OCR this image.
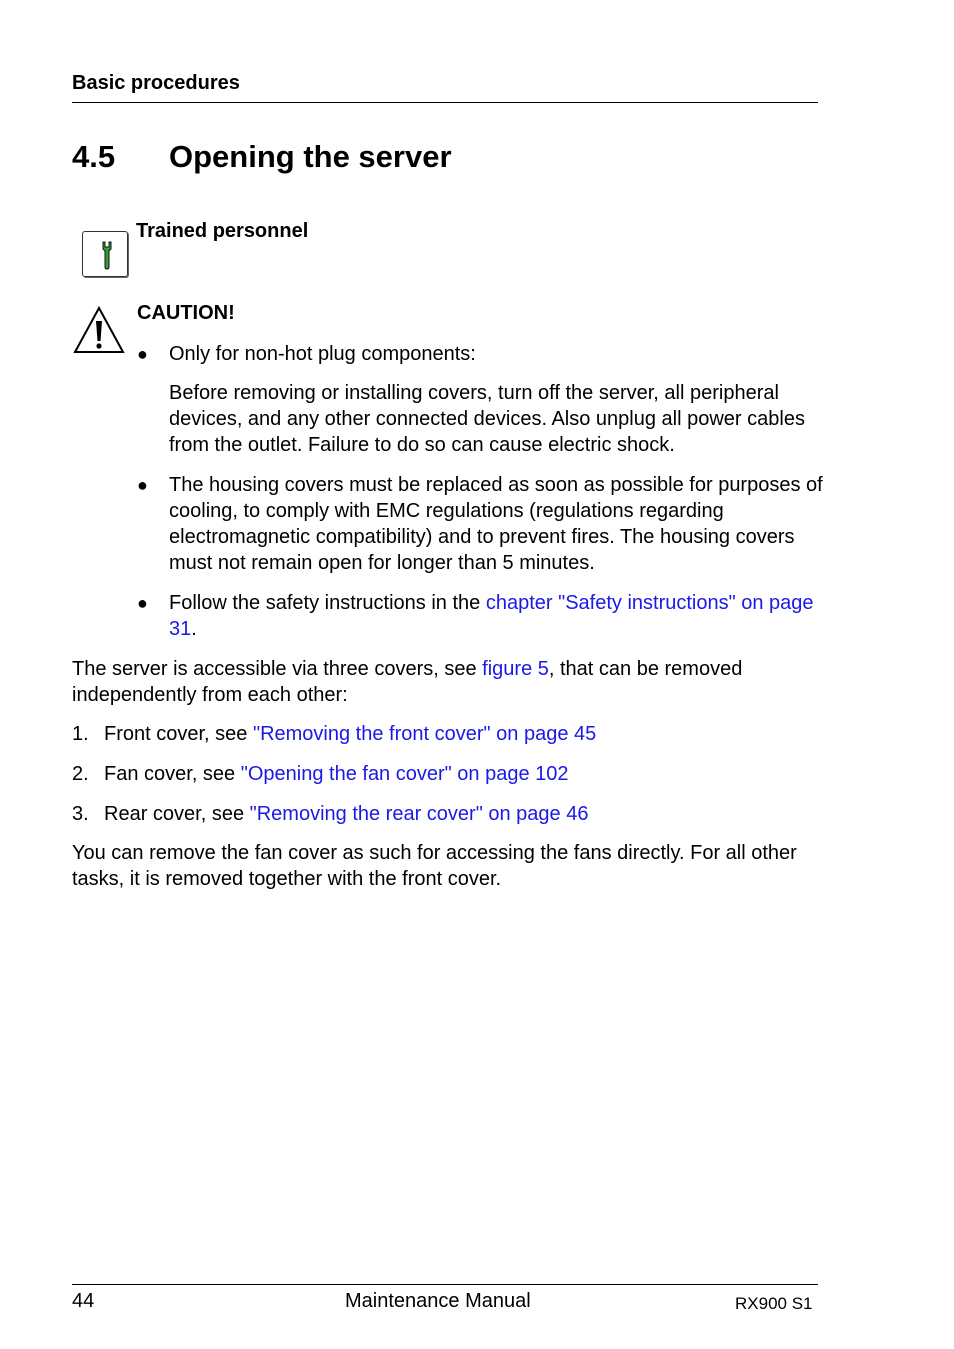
Basic procedures
4.5 Opening the server
Trained personnel
CAUTION!
● Only for non-hot plug components:
Before removing or installing covers, turn off the server, all peripheral devices, and any other connected devices. Also unplug all power cables from the outlet. Failure to do so can cause electric shock.
● The housing covers must be replaced as soon as possible for purposes of cooling, to comply with EMC regulations (regulations regarding electromagnetic compatibility) and to prevent fires. The housing covers must not remain open for longer than 5 minutes.
● Follow the safety instructions in the chapter "Safety instructions" on page 31.
The server is accessible via three covers, see figure 5, that can be removed independently from each other:
1. Front cover, see "Removing the front cover" on page 45
2. Fan cover, see "Opening the fan cover" on page 102
3. Rear cover, see "Removing the rear cover" on page 46
You can remove the fan cover as such for accessing the fans directly. For all other tasks, it is removed together with the front cover.
44	Maintenance Manual	RX900 S1
